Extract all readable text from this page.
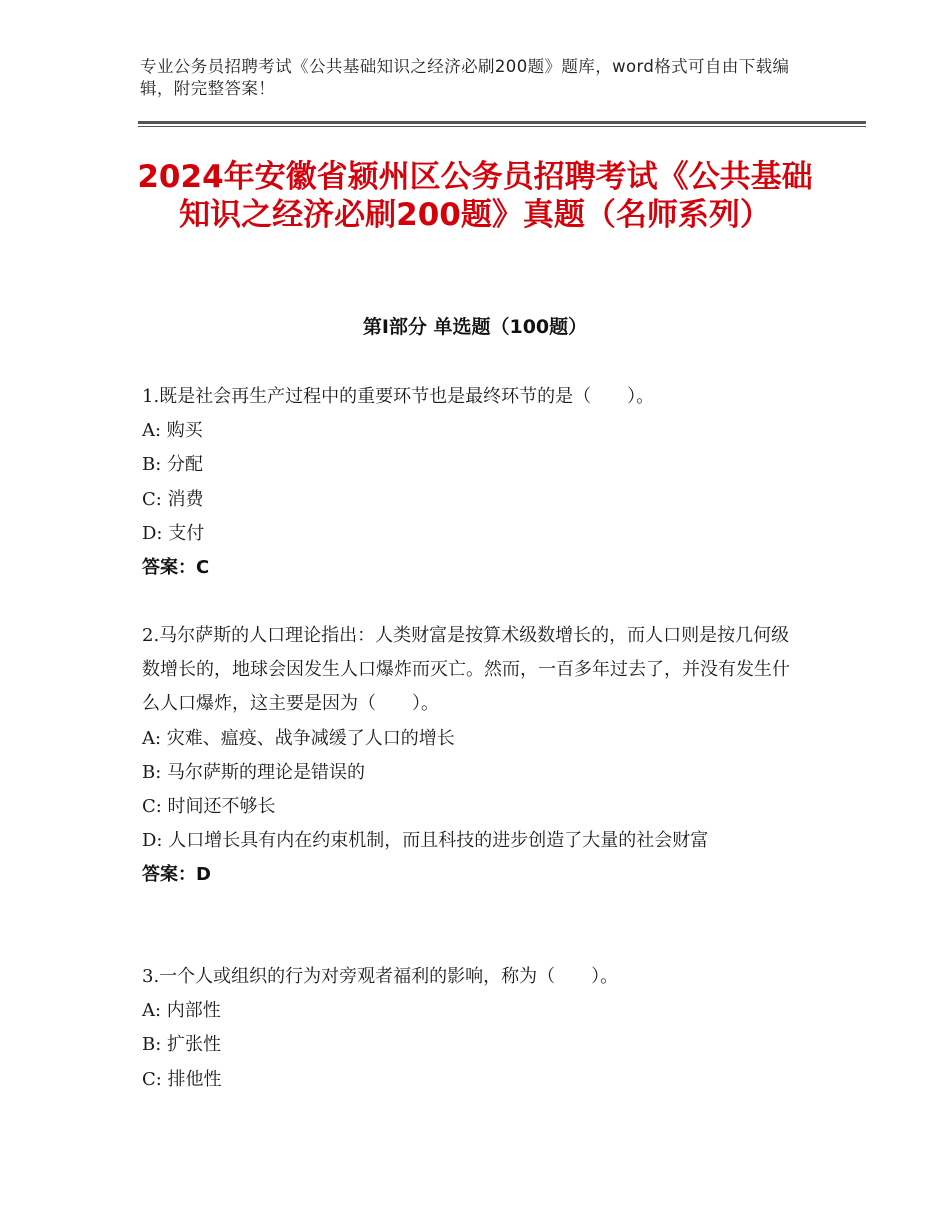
专业公务员招聘考试《公共基础知识之经济必刷200题》题库，word格式可自由下载编辑，附完整答案！
2024年安徽省颍州区公务员招聘考试《公共基础知识之经济必刷200题》真题（名师系列）
第Ⅰ部分 单选题（100题）
1.既是社会再生产过程中的重要环节也是最终环节的是（　　）。
A: 购买
B: 分配
C: 消费
D: 支付
答案：C
2.马尔萨斯的人口理论指出：人类财富是按算术级数增长的，而人口则是按几何级数增长的，地球会因发生人口爆炸而灭亡。然而，一百多年过去了，并没有发生什么人口爆炸，这主要是因为（　　）。
A: 灾难、瘟疫、战争减缓了人口的增长
B: 马尔萨斯的理论是错误的
C: 时间还不够长
D: 人口增长具有内在约束机制，而且科技的进步创造了大量的社会财富
答案：D
3.一个人或组织的行为对旁观者福利的影响，称为（　　）。
A: 内部性
B: 扩张性
C: 排他性
